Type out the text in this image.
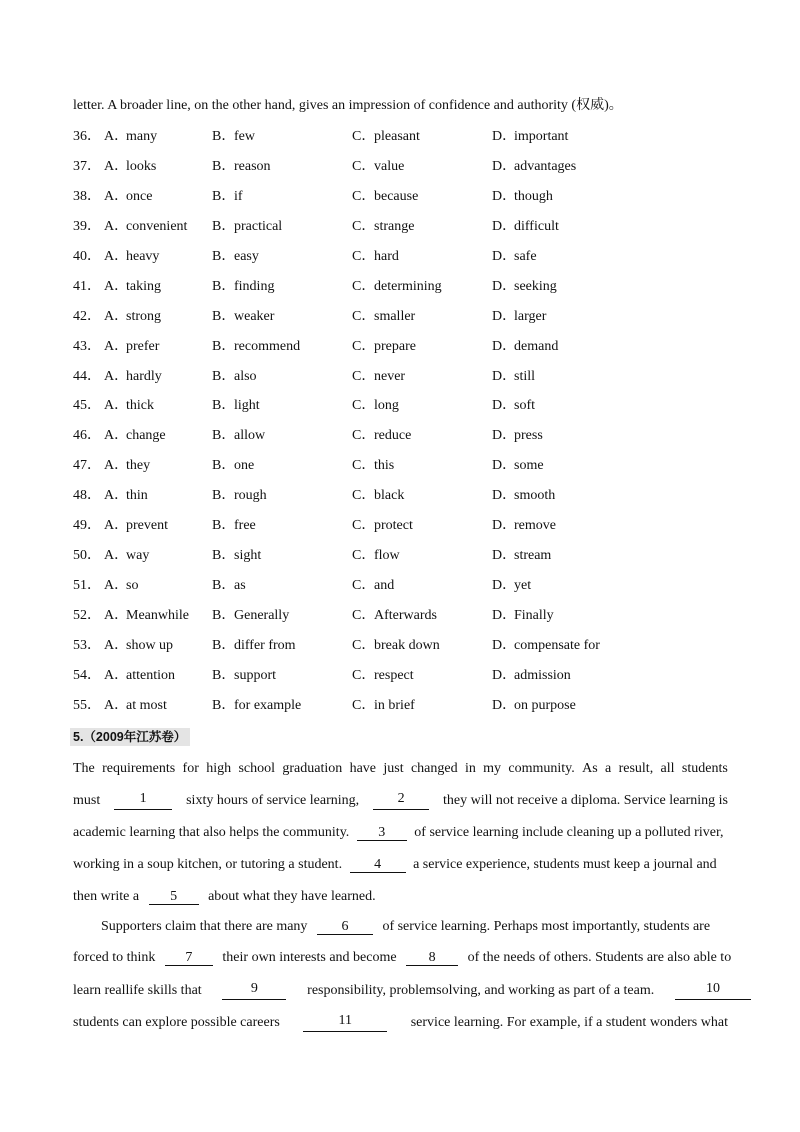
letter. A broader line, on the other hand, gives an impression of confidence and authority (权威)。
36． A．many	B．few	C．pleasant	D．important
37． A．looks	B．reason	C．value	D．advantages
38． A．once	B．if	C．because	D．though
39． A．convenient B．practical	C．strange	D．difficult
40． A．heavy	B．easy	C．hard	D．safe
41． A．taking	B．finding	C．determining	D．seeking
42． A．strong	B．weaker	C．smaller	D．larger
43． A．prefer	B．recommend	C．prepare	D．demand
44． A．hardly	B．also	C．never	D．still
45． A．thick	B．light	C．long	D．soft
46． A．change	B．allow	C．reduce	D．press
47． A．they	B．one	C．this	D．some
48． A．thin	B．rough	C．black	D．smooth
49． A．prevent	B．free	C．protect	D．remove
50． A．way	B．sight	C．flow	D．stream
51． A．so	B．as	C．and	D．yet
52． A．Meanwhile B．Generally	C．Afterwards	D．Finally
53． A．show up	B．differ from	C．break down	D．compensate for
54． A．attention	B．support	C．respect	D．admission
55． A．at most	B．for example	C．in brief	D．on purpose
5.（2009年江苏卷）
The requirements for high school graduation have just changed in my community. As a result, all students
must	1	sixty hours of service learning,	2	they will not receive a diploma. Service learning is
academic learning that also helps the community. 3 of service learning include cleaning up a polluted river,
working in a soup kitchen, or tutoring a student. 4 a service experience, students must keep a journal and
then write a 5 about what they have learned.
Supporters claim that there are many 6 of service learning. Perhaps most importantly, students are
forced to think 7 their own interests and become 8 of the needs of others. Students are also able to
learn reallife skills that	9	responsibility, problemsolving, and working as part of a team.	10
students can explore possible careers	11	service learning. For example, if a student wonders what
